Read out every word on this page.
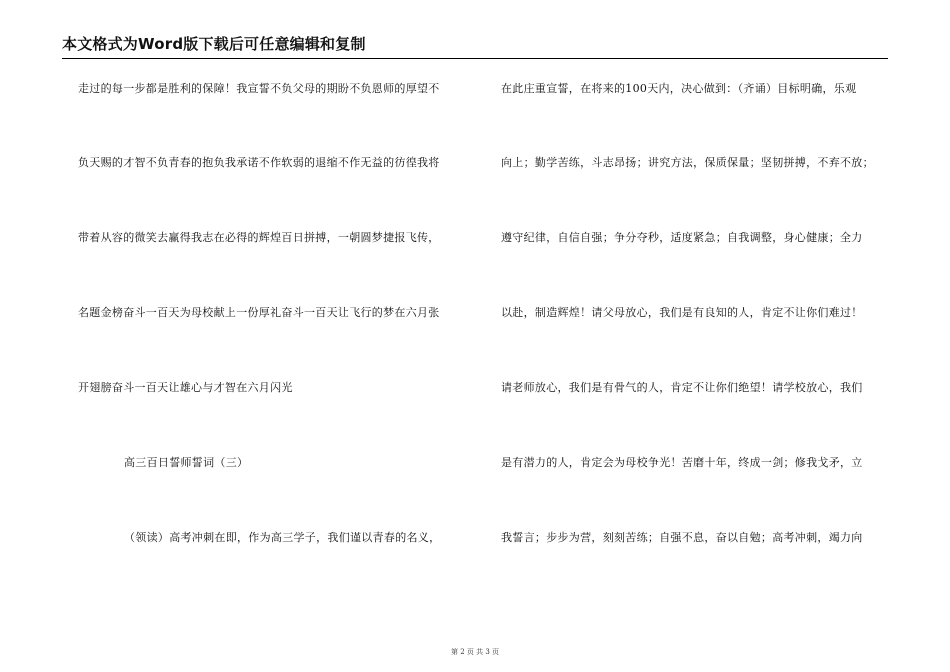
本文格式为Word版下载后可任意编辑和复制
走过的每一步都是胜利的保障！我宣誓不负父母的期盼不负恩师的厚望不
负天赐的才智不负青春的抱负我承诺不作软弱的退缩不作无益的彷徨我将
带着从容的微笑去赢得我志在必得的辉煌百日拼搏，一朝圆梦捷报飞传，
名题金榜奋斗一百天为母校献上一份厚礼奋斗一百天让飞行的梦在六月张
开翅膀奋斗一百天让雄心与才智在六月闪光
高三百日誓师誓词（三）
（领读）高考冲刺在即，作为高三学子，我们谨以青春的名义，
在此庄重宣誓，在将来的100天内，决心做到：（齐诵）目标明确，乐观
向上；勤学苦练，斗志昂扬；讲究方法，保质保量；坚韧拼搏，不弃不放；
遵守纪律，自信自强；争分夺秒，适度紧急；自我调整，身心健康；全力
以赴，制造辉煌！请父母放心，我们是有良知的人，肯定不让你们难过！
请老师放心，我们是有骨气的人，肯定不让你们绝望！请学校放心，我们
是有潜力的人，肯定会为母校争光！苦磨十年，终成一剑；修我戈矛，立
我誓言；步步为营，刻刻苦练；自强不息，奋以自勉；高考冲刺，竭力向
第 2 页 共 3 页
